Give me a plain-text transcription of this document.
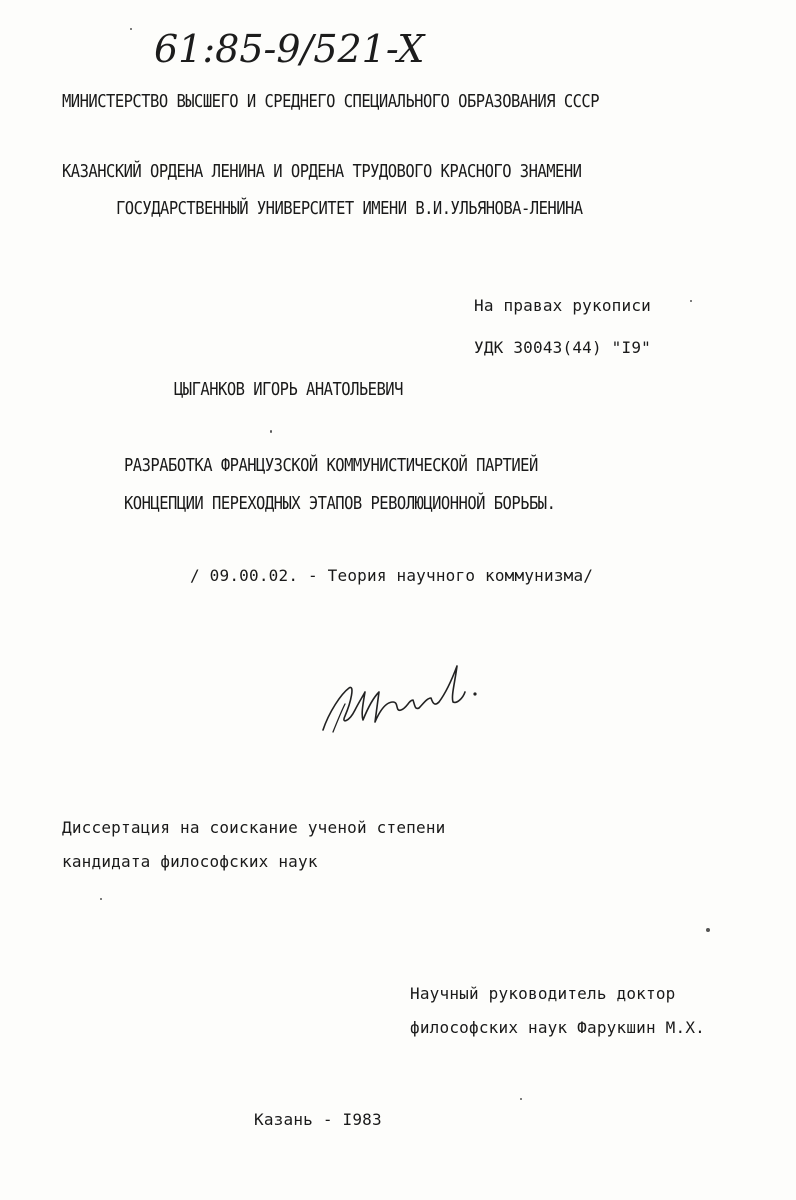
61:85-9/521-X
МИНИСТЕРСТВО ВЫСШЕГО И СРЕДНЕГО СПЕЦИАЛЬНОГО ОБРАЗОВАНИЯ СССР
КАЗАНСКИЙ ОРДЕНА ЛЕНИНА И ОРДЕНА ТРУДОВОГО КРАСНОГО ЗНАМЕНИ
ГОСУДАРСТВЕННЫЙ УНИВЕРСИТЕТ ИМЕНИ В.И.УЛЬЯНОВА-ЛЕНИНА
На правах рукописи
УДК 30043(44) "I9"
ЦЫГАНКОВ ИГОРЬ АНАТОЛЬЕВИЧ
РАЗРАБОТКА ФРАНЦУЗСКОЙ КОММУНИСТИЧЕСКОЙ ПАРТИЕЙ
КОНЦЕПЦИИ ПЕРЕХОДНЫХ ЭТАПОВ РЕВОЛЮЦИОННОЙ БОРЬБЫ.
/ 09.00.02. - Теория научного коммунизма/
Диссертация на соискание ученой степени
кандидата философских наук
Научный руководитель доктор
философских наук Фарукшин М.Х.
Казань - I983
